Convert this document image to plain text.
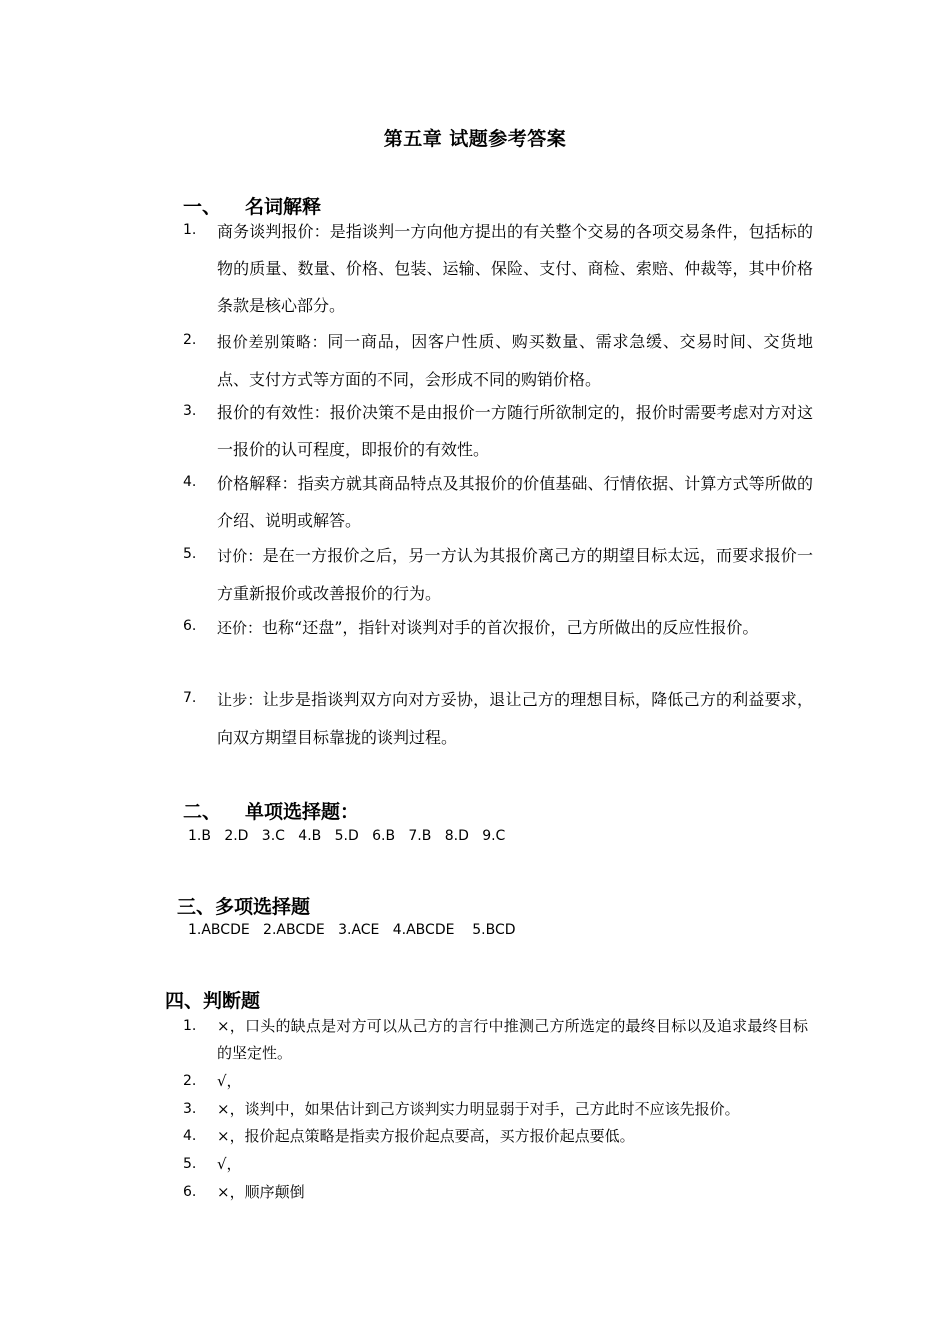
第五章 试题参考答案
一、 名词解释
1. 商务谈判报价：是指谈判一方向他方提出的有关整个交易的各项交易条件，包括标的物的质量、数量、价格、包装、运输、保险、支付、商检、索赔、仲裁等，其中价格条款是核心部分。
2. 报价差别策略：同一商品，因客户性质、购买数量、需求急缓、交易时间、交货地点、支付方式等方面的不同，会形成不同的购销价格。
3. 报价的有效性：报价决策不是由报价一方随行所欲制定的，报价时需要考虑对方对这一报价的认可程度，即报价的有效性。
4. 价格解释：指卖方就其商品特点及其报价的价值基础、行情依据、计算方式等所做的介绍、说明或解答。
5. 讨价：是在一方报价之后，另一方认为其报价离己方的期望目标太远，而要求报价一方重新报价或改善报价的行为。
6. 还价：也称“还盘”，指针对谈判对手的首次报价，己方所做出的反应性报价。
7. 让步：让步是指谈判双方向对方妥协，退让己方的理想目标，降低己方的利益要求，向双方期望目标靠拢的谈判过程。
二、 单项选择题：
1.B   2.D   3.C   4.B   5.D   6.B   7.B   8.D   9.C
三、多项选择题
1.ABCDE   2.ABCDE   3.ACE   4.ABCDE    5.BCD
四、判断题
1. ×，口头的缺点是对方可以从己方的言行中推测己方所选定的最终目标以及追求最终目标的坚定性。
2. √，
3. ×，谈判中，如果估计到己方谈判实力明显弱于对手，己方此时不应该先报价。
4. ×，报价起点策略是指卖方报价起点要高，买方报价起点要低。
5. √，
6. ×，顺序颠倒
